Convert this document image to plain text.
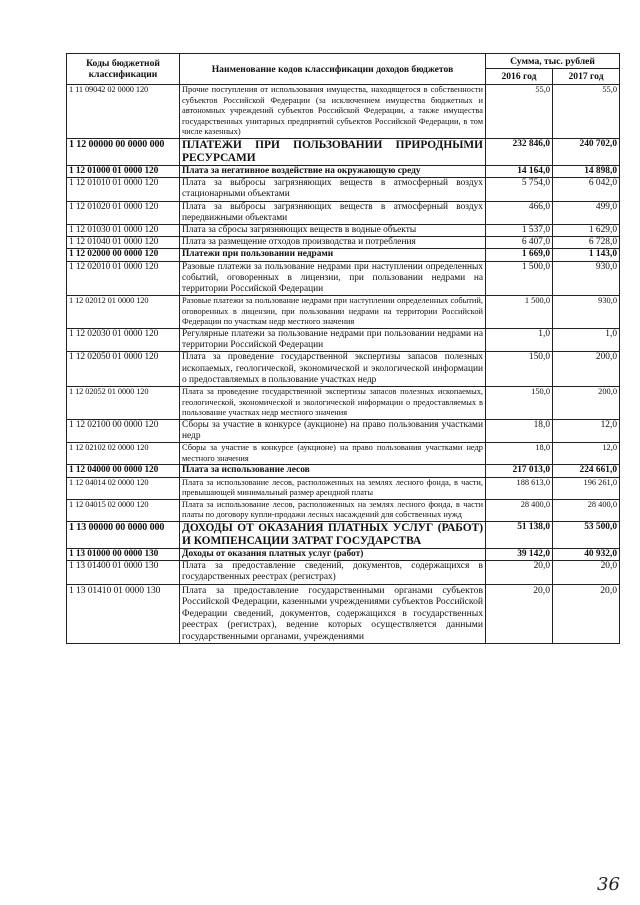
Коды бюджетной классификации	Наименование кодов классификации доходов бюджетов	Сумма, тыс. рублей	
		2016 год	2017 год
1 11 09042 02 0000 120	Прочие поступления от использования имущества, находящегося в собственности субъектов Российской Федерации (за исключением имущества бюджетных и автономных учреждений субъектов Российской Федерации, а также имущества государственных унитарных предприятий субъектов Российской Федерации, в том числе казенных)	55,0	55,0
1 12 00000 00 0000 000	ПЛАТЕЖИ ПРИ ПОЛЬЗОВАНИИ ПРИРОДНЫМИ РЕСУРСАМИ	232 846,0	240 702,0
1 12 01000 01 0000 120	Плата за негативное воздействие на окружающую среду	14 164,0	14 898,0
1 12 01010 01 0000 120	Плата за выбросы загрязняющих веществ в атмосферный воздух стационарными объектами	5 754,0	6 042,0
1 12 01020 01 0000 120	Плата за выбросы загрязняющих веществ в атмосферный воздух передвижными объектами	466,0	499,0
1 12 01030 01 0000 120	Плата за сбросы загрязняющих веществ в водные объекты	1 537,0	1 629,0
1 12 01040 01 0000 120	Плата за размещение отходов производства и потребления	6 407,0	6 728,0
1 12 02000 00 0000 120	Платежи при пользовании недрами	1 669,0	1 143,0
1 12 02010 01 0000 120	Разовые платежи за пользование недрами при наступлении определенных событий, оговоренных в лицензии, при пользовании недрами на территории Российской Федерации	1 500,0	930,0
1 12 02012 01 0000 120	Разовые платежи за пользование недрами при наступлении определенных событий, оговоренных в лицензии, при пользовании недрами на территории Российской Федерации по участкам недр местного значения	1 500,0	930,0
1 12 02030 01 0000 120	Регулярные платежи за пользование недрами при пользовании недрами на территории Российской Федерации	1,0	1,0
1 12 02050 01 0000 120	Плата за проведение государственной экспертизы запасов полезных ископаемых, геологической, экономической и экологической информации о предоставляемых в пользование участках недр	150,0	200,0
1 12 02052 01 0000 120	Плата за проведение государственной экспертизы запасов полезных ископаемых, геологической, экономической и экологической информации о предоставляемых в пользование участках недр местного значения	150,0	200,0
1 12 02100 00 0000 120	Сборы за участие в конкурсе (аукционе) на право пользования участками недр	18,0	12,0
1 12 02102 02 0000 120	Сборы за участие в конкурсе (аукционе) на право пользования участками недр местного значения	18,0	12,0
1 12 04000 00 0000 120	Плата за использование лесов	217 013,0	224 661,0
1 12 04014 02 0000 120	Плата за использование лесов, расположенных на землях лесного фонда, в части, превышающей минимальный размер арендной платы	188 613,0	196 261,0
1 12 04015 02 0000 120	Плата за использование лесов, расположенных на землях лесного фонда, в части платы по договору купли-продажи лесных насаждений для собственных нужд	28 400,0	28 400,0
1 13 00000 00 0000 000	ДОХОДЫ ОТ ОКАЗАНИЯ ПЛАТНЫХ УСЛУГ (РАБОТ) И КОМПЕНСАЦИИ ЗАТРАТ ГОСУДАРСТВА	51 138,0	53 500,0
1 13 01000 00 0000 130	Доходы от оказания платных услуг (работ)	39 142,0	40 932,0
1 13 01400 01 0000 130	Плата за предоставление сведений, документов, содержащихся в государственных реестрах (регистрах)	20,0	20,0
1 13 01410 01 0000 130	Плата за предоставление государственными органами субъектов Российской Федерации, казенными учреждениями субъектов Российской Федерации сведений, документов, содержащихся в государственных реестрах (регистрах), ведение которых осуществляется данными государственными органами, учреждениями	20,0	20,0
36
